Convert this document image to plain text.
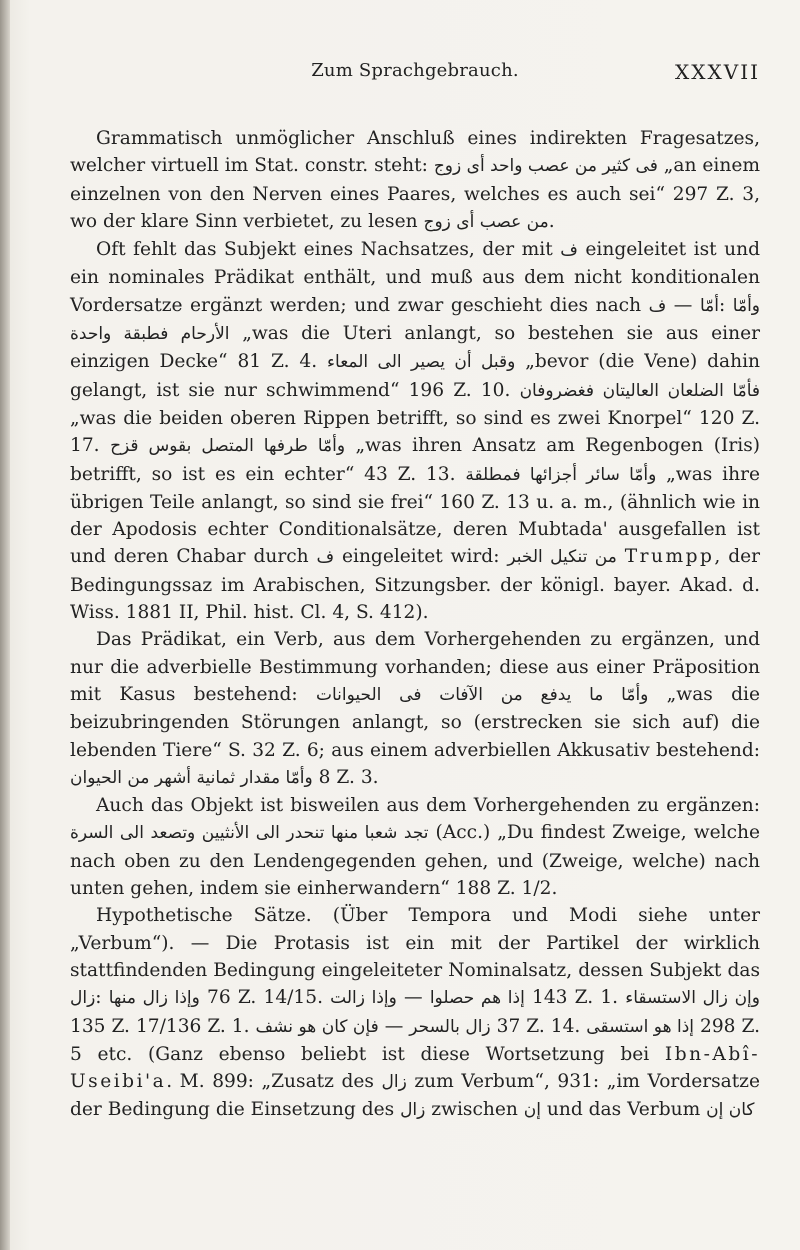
Zum Sprachgebrauch.	XXXVII

Grammatisch unmöglicher Anschluß eines indirekten Fragesatzes, welcher virtuell im Stat. constr. steht: فى كثير من عصب واحد أى زوج „an einem einzelnen von den Nerven eines Paares, welches es auch sei“ 297 Z. 3, wo der klare Sinn verbietet, zu lesen من عصب أى زوج.

Oft fehlt das Subjekt eines Nachsatzes, der mit ف eingeleitet ist und ein nominales Prädikat enthält, und muß aus dem nicht konditionalen Vordersatze ergänzt werden; und zwar geschieht dies nach ف — أمّا: وأمّا الأرحام فطبقة واحدة „was die Uteri anlangt, so bestehen sie aus einer einzigen Decke“ 81 Z. 4. وقبل أن يصير الى المعاء „bevor (die Vene) dahin gelangt, ist sie nur schwimmend“ 196 Z. 10. فأمّا الضلعان العاليتان فغضروفان „was die beiden oberen Rippen betrifft, so sind es zwei Knorpel“ 120 Z. 17. وأمّا طرفها المتصل بقوس قزح „was ihren Ansatz am Regenbogen (Iris) betrifft, so ist es ein echter“ 43 Z. 13. وأمّا سائر أجزائها فمطلقة „was ihre übrigen Teile anlangt, so sind sie frei“ 160 Z. 13 u. a. m., (ähnlich wie in der Apodosis echter Conditionalsätze, deren Mubtada' ausgefallen ist und deren Chabar durch ف eingeleitet wird: من تنكيل الخبر Trumpp, der Bedingungssaz im Arabischen, Sitzungsber. der königl. bayer. Akad. d. Wiss. 1881 II, Phil. hist. Cl. 4, S. 412).

Das Prädikat, ein Verb, aus dem Vorhergehenden zu ergänzen, und nur die adverbielle Bestimmung vorhanden; diese aus einer Präposition mit Kasus bestehend: وأمّا ما يدفع من الآفات فى الحيوانات „was die beizubringenden Störungen anlangt, so (erstrecken sie sich auf) die lebenden Tiere“ S. 32 Z. 6; aus einem adverbiellen Akkusativ bestehend: وأمّا مقدار ثمانية أشهر من الحيوان 8 Z. 3.

Auch das Objekt ist bisweilen aus dem Vorhergehenden zu ergänzen: تجد شعبا منها تنحدر الى الأنثيين وتصعد الى السرة (Acc.) „Du findest Zweige, welche nach oben zu den Lendengegenden gehen, und (Zweige, welche) nach unten gehen, indem sie einherwandern“ 188 Z. 1/2.

Hypothetische Sätze. (Über Tempora und Modi siehe unter „Verbum“). — Die Protasis ist ein mit der Partikel der wirklich stattfindenden Bedingung eingeleiteter Nominalsatz, dessen Subjekt das زال: وإذا زال منها 76 Z. 14/15. وإذا زالت — إذا هم حصلوا 143 Z. 1. وإن زال الاستسقاء 135 Z. 17/136 Z. 1. فإن كان هو نشف — زال بالسحر 37 Z. 14. إذا هو استسقى 298 Z. 5 etc. (Ganz ebenso beliebt ist diese Wortsetzung bei Ibn-Abî-Useibi'a. M. 899: „Zusatz des زال zum Verbum“, 931: „im Vordersatze der Bedingung die Einsetzung des زال zwischen إن und das Verbum كان إن
